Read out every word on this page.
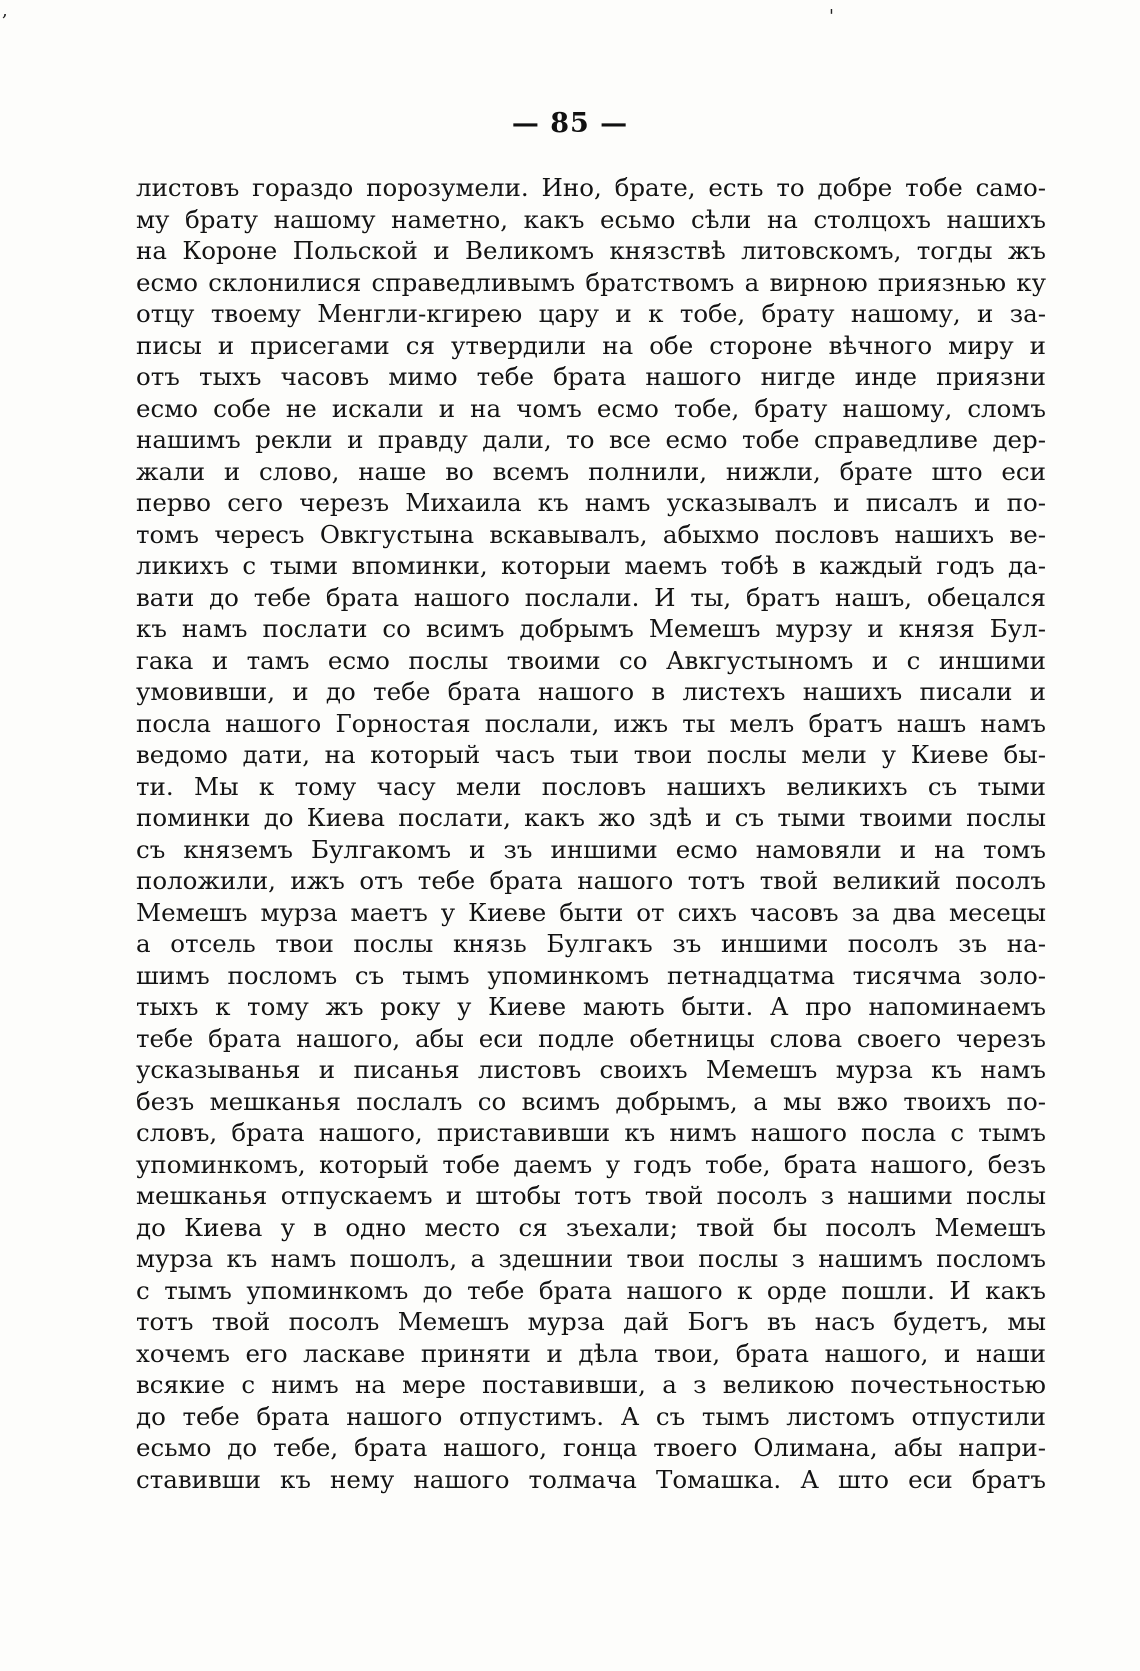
,	'
— 85 —
листовъ гораздо порозумели. Ино, брате, есть то добре тобе само-
му брату нашому наметно, какъ есьмо сѣли на столцохъ нашихъ
на Короне Польской и Великомъ князствѣ литовскомъ, тогды жъ
есмо склонилися справедливымъ братствомъ а вирною приязнью ку
отцу твоему Менгли-кгирею цару и к тобе, брату нашому, и за-
писы и присегами ся утвердили на обе стороне вѣчного миру и
отъ тыхъ часовъ мимо тебе брата нашого нигде инде приязни
есмо собе не искали и на чомъ есмо тобе, брату нашому, сломъ
нашимъ рекли и правду дали, то все есмо тобе справедливе дер-
жали и слово, наше во всемъ полнили, нижли, брате што еси
перво сего черезъ Михаила къ намъ усказывалъ и писалъ и по-
томъ чересъ Овкгустына вскавывалъ, абыхмо пословъ нашихъ ве-
ликихъ с тыми впоминки, которыи маемъ тобѣ в каждый годъ да-
вати до тебе брата нашого послали. И ты, братъ нашъ, обецался
къ намъ послати со всимъ добрымъ Мемешъ мурзу и князя Бул-
гака и тамъ есмо послы твоими со Авкгустыномъ и с иншими
умовивши, и до тебе брата нашого в листехъ нашихъ писали и
посла нашого Горностая послали, ижъ ты мелъ братъ нашъ намъ
ведомо дати, на который часъ тыи твои послы мели у Киеве бы-
ти. Мы к тому часу мели пословъ нашихъ великихъ съ тыми
поминки до Киева послати, какъ жо здѣ и съ тыми твоими послы
съ княземъ Булгакомъ и зъ иншими есмо намовяли и на томъ
положили, ижъ отъ тебе брата нашого тотъ твой великий посолъ
Мемешъ мурза маетъ у Киеве быти от сихъ часовъ за два месецы
а отсель твои послы князь Булгакъ зъ иншими посолъ зъ на-
шимъ посломъ съ тымъ упоминкомъ петнадцатма тисячма золо-
тыхъ к тому жъ року у Киеве мають быти. А про напоминаемъ
тебе брата нашого, абы еси подле обетницы слова своего черезъ
усказыванья и писанья листовъ своихъ Мемешъ мурза къ намъ
безъ мешканья послалъ со всимъ добрымъ, а мы вжо твоихъ по-
словъ, брата нашого, приставивши къ нимъ нашого посла с тымъ
упоминкомъ, который тобе даемъ у годъ тобе, брата нашого, безъ
мешканья отпускаемъ и штобы тотъ твой посолъ з нашими послы
до Киева у в одно место ся зъехали; твой бы посолъ Мемешъ
мурза къ намъ пошолъ, а здешнии твои послы з нашимъ посломъ
с тымъ упоминкомъ до тебе брата нашого к орде пошли. И какъ
тотъ твой посолъ Мемешъ мурза дай Богъ въ насъ будетъ, мы
хочемъ его ласкаве приняти и дѣла твои, брата нашого, и наши
всякие с нимъ на мере поставивши, а з великою почестьностью
до тебе брата нашого отпустимъ. А съ тымъ листомъ отпустили
есьмо до тебе, брата нашого, гонца твоего Олимана, абы напри-
ставивши къ нему нашого толмача Томашка. А што еси братъ
